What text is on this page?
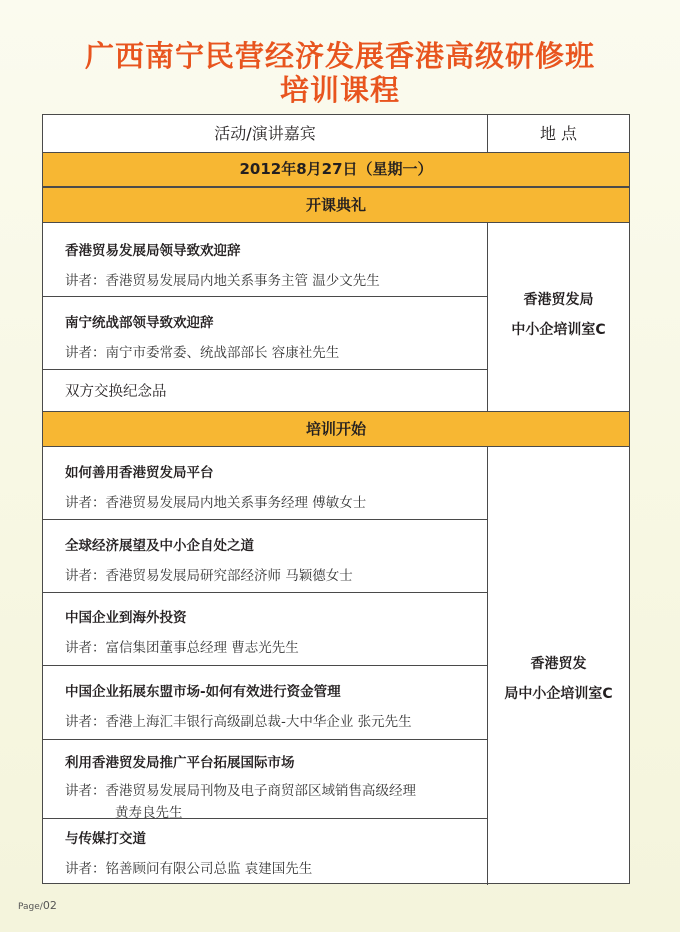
广西南宁民营经济发展香港高级研修班
培训课程
活动/演讲嘉宾	地 点
2012年8月27日（星期一）
开课典礼
香港贸易发展局领导致欢迎辞
讲者：香港贸易发展局内地关系事务主管 温少文先生
南宁统战部领导致欢迎辞
讲者：南宁市委常委、统战部部长 容康社先生
双方交换纪念品
香港贸发局
中小企培训室C
培训开始
如何善用香港贸发局平台
讲者：香港贸易发展局内地关系事务经理 傅敏女士
全球经济展望及中小企自处之道
讲者：香港贸易发展局研究部经济师 马颖德女士
中国企业到海外投资
讲者：富信集团董事总经理 曹志光先生
中国企业拓展东盟市场-如何有效进行资金管理
讲者：香港上海汇丰银行高级副总裁-大中华企业 张元先生
利用香港贸发局推广平台拓展国际市场
讲者：香港贸易发展局刊物及电子商贸部区域销售高级经理
黄寿良先生
与传媒打交道
讲者：铭善顾问有限公司总监 袁建国先生
香港贸发
局中小企培训室C
Page/02
